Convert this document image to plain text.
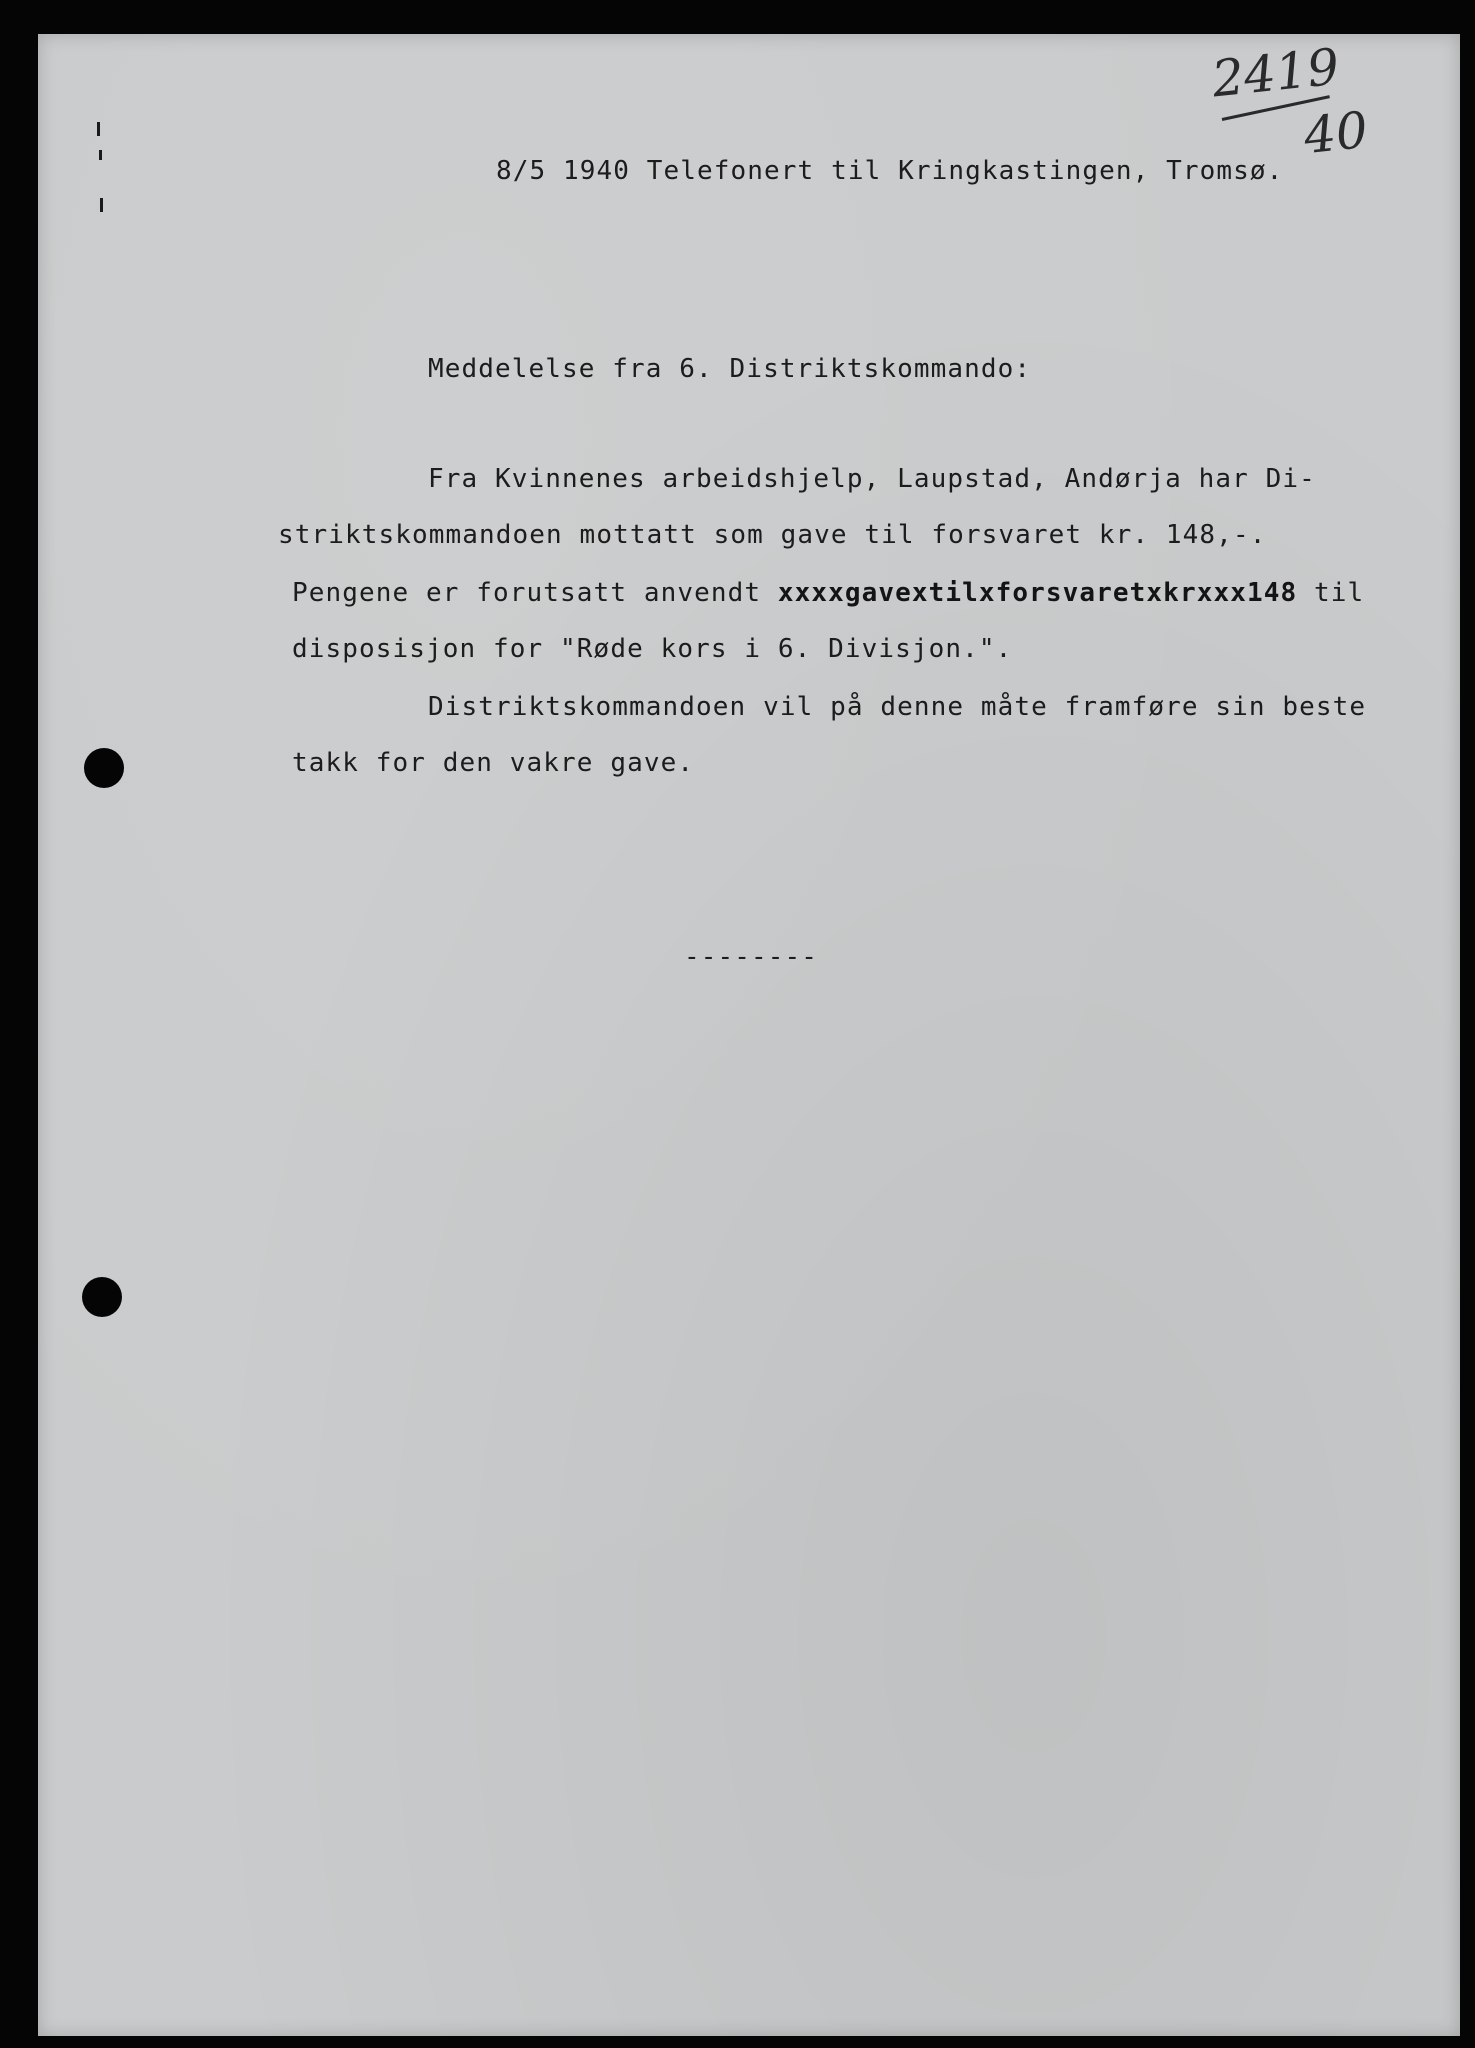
2419
40
8/5 1940 Telefonert til Kringkastingen, Tromsø.
Meddelelse fra 6. Distriktskommando:
Fra Kvinnenes arbeidshjelp, Laupstad, Andørja har Di-
striktskommandoen mottatt som gave til forsvaret kr. 148,-.
Pengene er forutsatt anvendt xxxxgavextilxforsvaretxkrxxx148 til
disposisjon for "Røde kors i 6. Divisjon.".
Distriktskommandoen vil på denne måte framføre sin beste
takk for den vakre gave.
--------
